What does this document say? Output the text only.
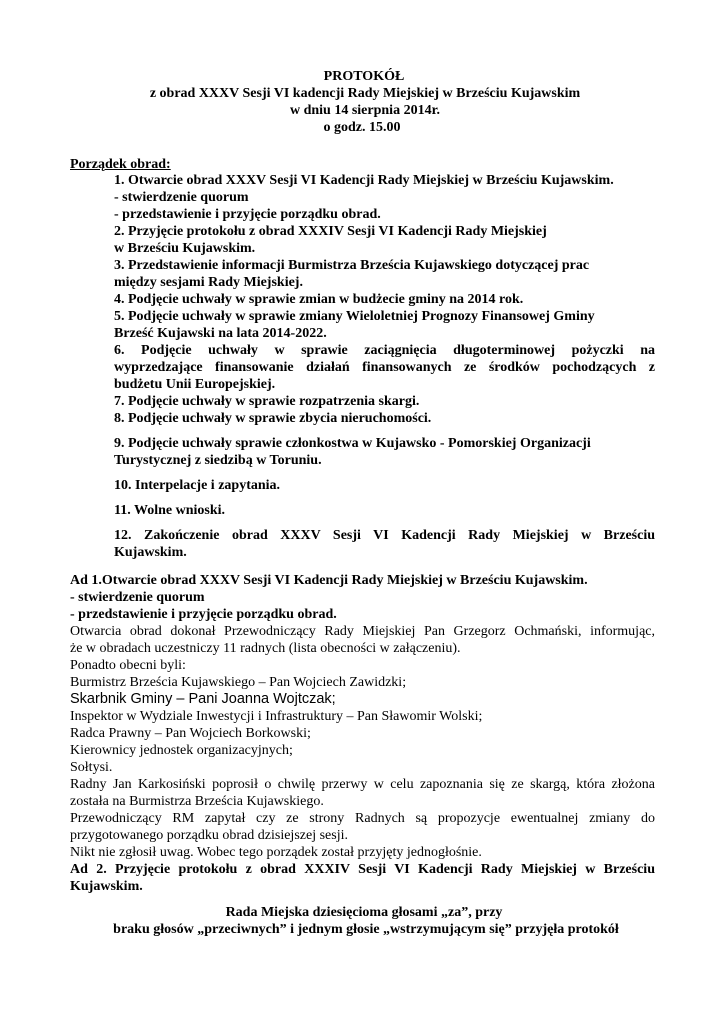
PROTOKÓŁ
z obrad XXXV Sesji VI kadencji Rady Miejskiej w Brześciu Kujawskim
w dniu 14 sierpnia 2014r.
o godz. 15.00
Porządek obrad:
1. Otwarcie obrad XXXV Sesji VI Kadencji Rady Miejskiej w Brześciu Kujawskim.
- stwierdzenie quorum
- przedstawienie i przyjęcie porządku obrad.
2. Przyjęcie protokołu z obrad XXXIV Sesji VI Kadencji Rady Miejskiej
w Brześciu Kujawskim.
3. Przedstawienie informacji Burmistrza Brześcia Kujawskiego dotyczącej prac
między sesjami Rady Miejskiej.
4. Podjęcie uchwały w sprawie zmian w budżecie gminy na 2014 rok.
5. Podjęcie uchwały w sprawie zmiany Wieloletniej Prognozy Finansowej Gminy
Brześć Kujawski na lata 2014-2022.
6. Podjęcie uchwały w sprawie zaciągnięcia długoterminowej pożyczki na
wyprzedzające finansowanie działań finansowanych ze środków pochodzących z
budżetu Unii Europejskiej.
7. Podjęcie uchwały w sprawie rozpatrzenia skargi.
8. Podjęcie uchwały w sprawie zbycia nieruchomości.
9. Podjęcie uchwały sprawie członkostwa w Kujawsko - Pomorskiej Organizacji
Turystycznej z siedzibą w Toruniu.
10. Interpelacje i zapytania.
11. Wolne wnioski.
12. Zakończenie obrad XXXV Sesji VI Kadencji Rady Miejskiej w Brześciu
Kujawskim.
Ad 1.Otwarcie obrad XXXV Sesji VI Kadencji Rady Miejskiej w Brześciu Kujawskim.
- stwierdzenie quorum
- przedstawienie i przyjęcie porządku obrad.
Otwarcia obrad dokonał Przewodniczący Rady Miejskiej Pan Grzegorz Ochmański, informując,
że w obradach uczestniczy 11 radnych (lista obecności w załączeniu).
Ponadto obecni byli:
Burmistrz Brześcia Kujawskiego – Pan Wojciech Zawidzki;
Skarbnik Gminy – Pani Joanna Wojtczak;
Inspektor w Wydziale Inwestycji i Infrastruktury – Pan Sławomir Wolski;
Radca Prawny – Pan Wojciech Borkowski;
Kierownicy jednostek organizacyjnych;
Sołtysi.
Radny Jan Karkosiński poprosił o chwilę przerwy w celu zapoznania się ze skargą, która złożona
została na Burmistrza Brześcia Kujawskiego.
Przewodniczący RM zapytał czy ze strony Radnych są propozycje ewentualnej zmiany do
przygotowanego porządku obrad dzisiejszej sesji.
Nikt nie zgłosił uwag. Wobec tego porządek został przyjęty jednogłośnie.
Ad 2. Przyjęcie protokołu z obrad XXXIV Sesji VI Kadencji Rady Miejskiej w Brześciu
Kujawskim.
Rada Miejska dziesięcioma głosami „za”, przy
braku głosów „przeciwnych” i jednym głosie „wstrzymującym się” przyjęła protokół
